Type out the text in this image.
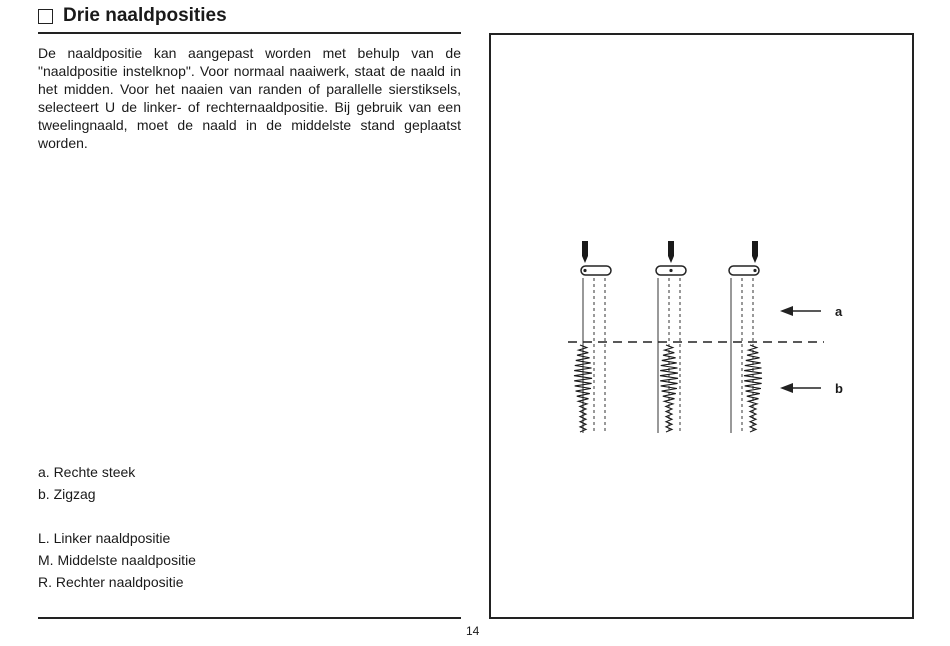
Drie naaldposities

De naaldpositie kan aangepast worden met behulp van de "naaldpositie instelknop". Voor normaal naaiwerk, staat de naald in het midden. Voor het naaien van randen of parallelle sierstiksels, selecteert U de linker- of rechternaaldpositie. Bij gebruik van een tweelingnaald, moet de naald in de middelste stand geplaatst worden.

a. Rechte steek
b. Zigzag
L. Linker naaldpositie
M. Middelste naaldpositie
R. Rechter naaldpositie
14
a
b
